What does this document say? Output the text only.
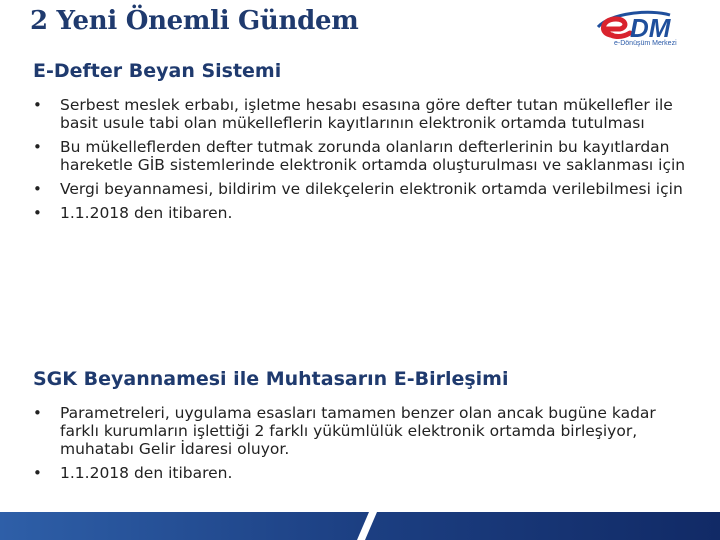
2 Yeni Önemli Gündem	DM
e-Dönüşüm Merkezi
E-Defter Beyan Sistemi
• Serbest meslek erbabı, işletme hesabı esasına göre defter tutan mükellefler ile basit usule tabi olan mükelleflerin kayıtlarının elektronik ortamda tutulması
• Bu mükelleflerden defter tutmak zorunda olanların defterlerinin bu kayıtlardan hareketle GİB sistemlerinde elektronik ortamda oluşturulması ve saklanması için
• Vergi beyannamesi, bildirim ve dilekçelerin elektronik ortamda verilebilmesi için
• 1.1.2018 den itibaren.
SGK Beyannamesi ile Muhtasarın E-Birleşimi
• Parametreleri, uygulama esasları tamamen benzer olan ancak bugüne kadar farklı kurumların işlettiği 2 farklı yükümlülük elektronik ortamda birleşiyor, muhatabı Gelir İdaresi oluyor.
• 1.1.2018 den itibaren.
